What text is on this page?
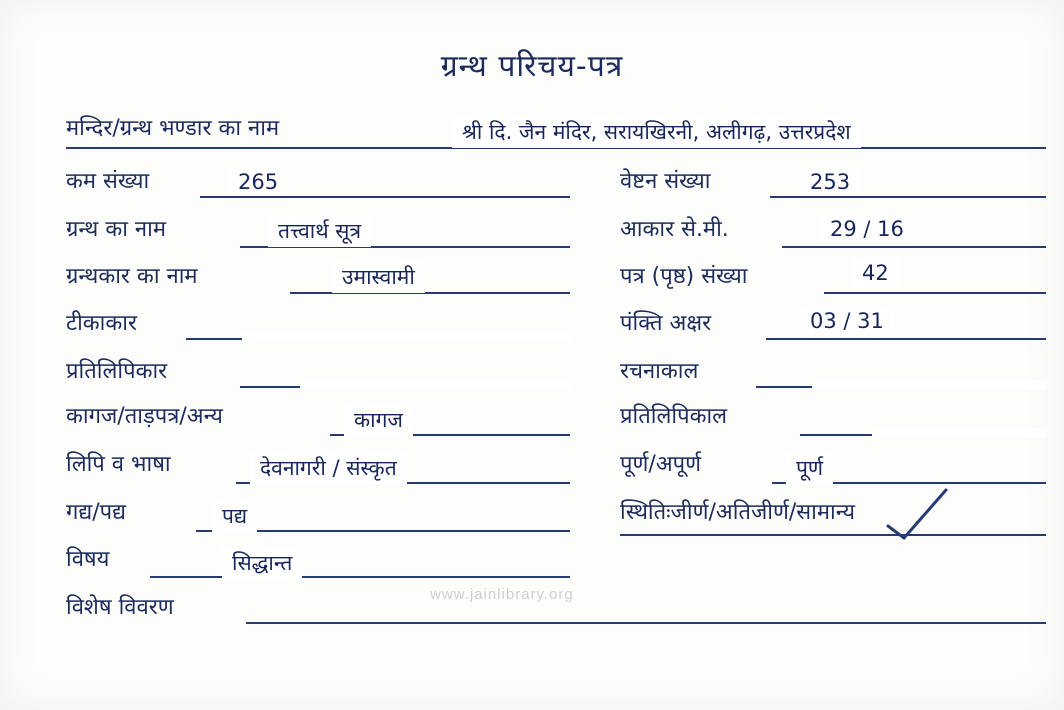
ग्रन्थ परिचय-पत्र
मन्दिर/ग्रन्थ भण्डार का नाम	श्री दि. जैन मंदिर, सरायखिरनी, अलीगढ़, उत्तरप्रदेश
कम संख्या	265
ग्रन्थ का नाम	तत्त्वार्थ सूत्र
ग्रन्थकार का नाम	उमास्वामी
टीकाकार
प्रतिलिपिकार
कागज/ताड़पत्र/अन्य	कागज
लिपि व भाषा	देवनागरी / संस्कृत
गद्य/पद्य	पद्य
विषय	सिद्धान्त
विशेष विवरण
वेष्टन संख्या	253
आकार से.मी.	29 / 16
पत्र (पृष्ठ) संख्या	42
पंक्ति अक्षर	03 / 31
रचनाकाल
प्रतिलिपिकाल
पूर्ण/अपूर्ण	पूर्ण
स्थितिःजीर्ण/अतिजीर्ण/सामान्य
www.jainlibrary.org
